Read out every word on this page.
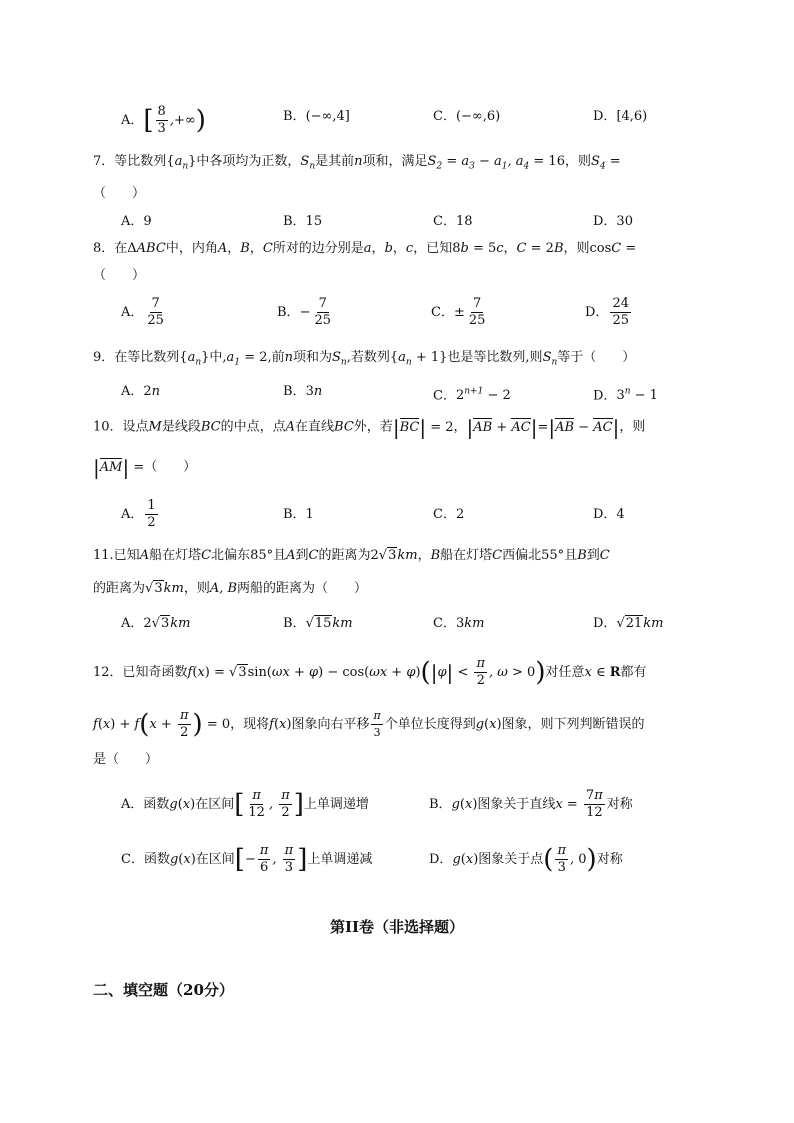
A．[ $\frac{8}{3}$ ,+∞)	B．(−∞,4]	C．(−∞,6)	D．[4,6)
7．等比数列$\{a_n\}$中各项均为正数，$S_n$是其前n项和，满足$S_2 = a_3 - a_1$, $a_4 = 16$，则$S_4$ =
（　　）
A．9	B．15	C．18	D．30
8．在ΔABC中，内角A，B，C所对的边分别是a，b，c，已知8b = 5c，C = 2B，则cosC =
（　　）
A． $\frac{7}{25}$	B．− $\frac{7}{25}$	C．± $\frac{7}{25}$	D． $\frac{24}{25}$
9．在等比数列$\{a_n\}$中$,a_1 = 2$,前n项和为$S_n$,若数列$\{a_n + 1\}$也是等比数列,则$S_n$等于（　　）
A．2n	B．3n	C．$2^{n+1} - 2$	D．$3^n - 1$
10．设点M是线段BC的中点，点A在直线BC外，若|BC| = 2，|AB + AC|=|AB − AC|，则
|AM| =（　　）
A． $\frac{1}{2}$	B．1	C．2	D．4
11.已知A船在灯塔C北偏东85°且A到C的距离为2√3km，B船在灯塔C西偏北55°且B到C
的距离为√3km，则A, B两船的距离为（　　）
A．2√3km	B．√15km	C．3km	D．√21km
12．已知奇函数$f(x) = √3\sin(\omega x + \varphi) - \cos(\omega x + \varphi)(|\varphi| < \frac{\pi}{2}$ , ω > 0)对任意x ∈ R都有
$f(x) + f(x + \frac{\pi}{2}$ ) = 0，现将f(x)图象向右平移 $\frac{\pi}{3}$ 个单位长度得到g(x)图象，则下列判断错误的
是（　　）
A．函数g(x)在区间[ $\frac{\pi}{12}$ , $\frac{\pi}{2}$ ]上单调递增	B．g(x)图象关于直线$x = \frac{7\pi}{12}$ 对称
C．函数g(x)在区间[− $\frac{\pi}{6}$ , $\frac{\pi}{3}$ ]上单调递减	D．g(x)图象关于点( $\frac{\pi}{3}$ , 0)对称
第II卷（非选择题）
二、填空题（20分）
